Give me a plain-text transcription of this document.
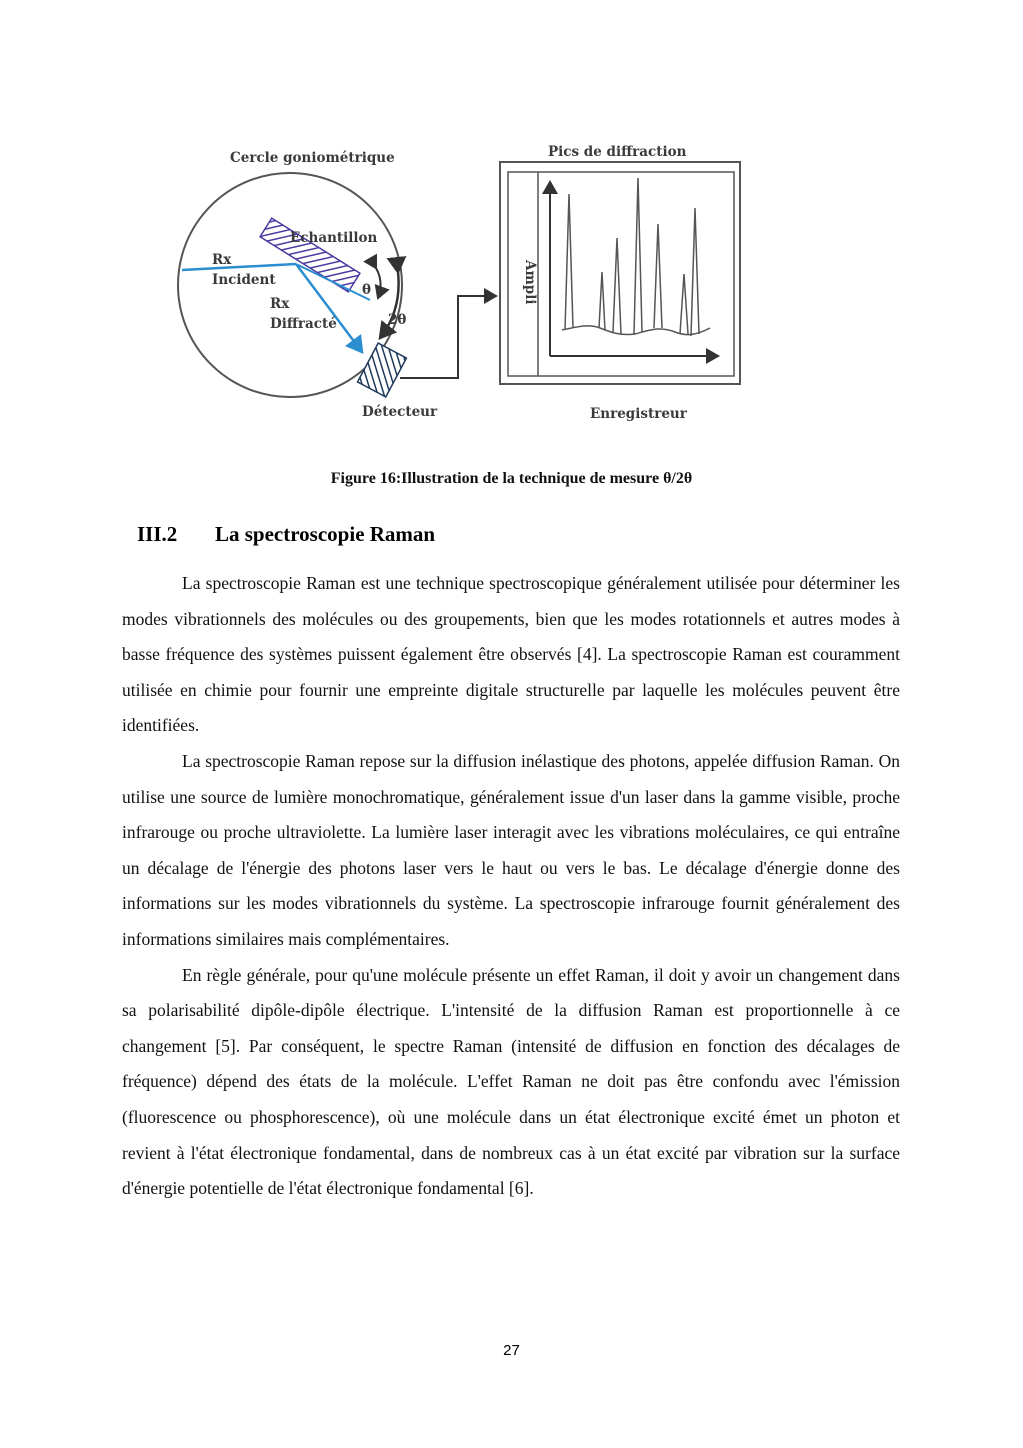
Cercle goniométrique
Echantillon
Rx
Incident
Rx
Diffracté
θ
2θ
Détecteur
Pics de diffraction
Ampli
Enregistreur
Figure 16:Illustration de la technique de mesure θ/2θ
III.2 La spectroscopie Raman

La spectroscopie Raman est une technique spectroscopique généralement utilisée pour déterminer les modes vibrationnels des molécules ou des groupements, bien que les modes rotationnels et autres modes à basse fréquence des systèmes puissent également être observés [4]. La spectroscopie Raman est couramment utilisée en chimie pour fournir une empreinte digitale structurelle par laquelle les molécules peuvent être identifiées.

La spectroscopie Raman repose sur la diffusion inélastique des photons, appelée diffusion Raman. On utilise une source de lumière monochromatique, généralement issue d'un laser dans la gamme visible, proche infrarouge ou proche ultraviolette. La lumière laser interagit avec les vibrations moléculaires, ce qui entraîne un décalage de l'énergie des photons laser vers le haut ou vers le bas. Le décalage d'énergie donne des informations sur les modes vibrationnels du système. La spectroscopie infrarouge fournit généralement des informations similaires mais complémentaires.

En règle générale, pour qu'une molécule présente un effet Raman, il doit y avoir un changement dans sa polarisabilité dipôle-dipôle électrique. L'intensité de la diffusion Raman est proportionnelle à ce changement [5]. Par conséquent, le spectre Raman (intensité de diffusion en fonction des décalages de fréquence) dépend des états de la molécule. L'effet Raman ne doit pas être confondu avec l'émission (fluorescence ou phosphorescence), où une molécule dans un état électronique excité émet un photon et revient à l'état électronique fondamental, dans de nombreux cas à un état excité par vibration sur la surface d'énergie potentielle de l'état électronique fondamental [6].

27
